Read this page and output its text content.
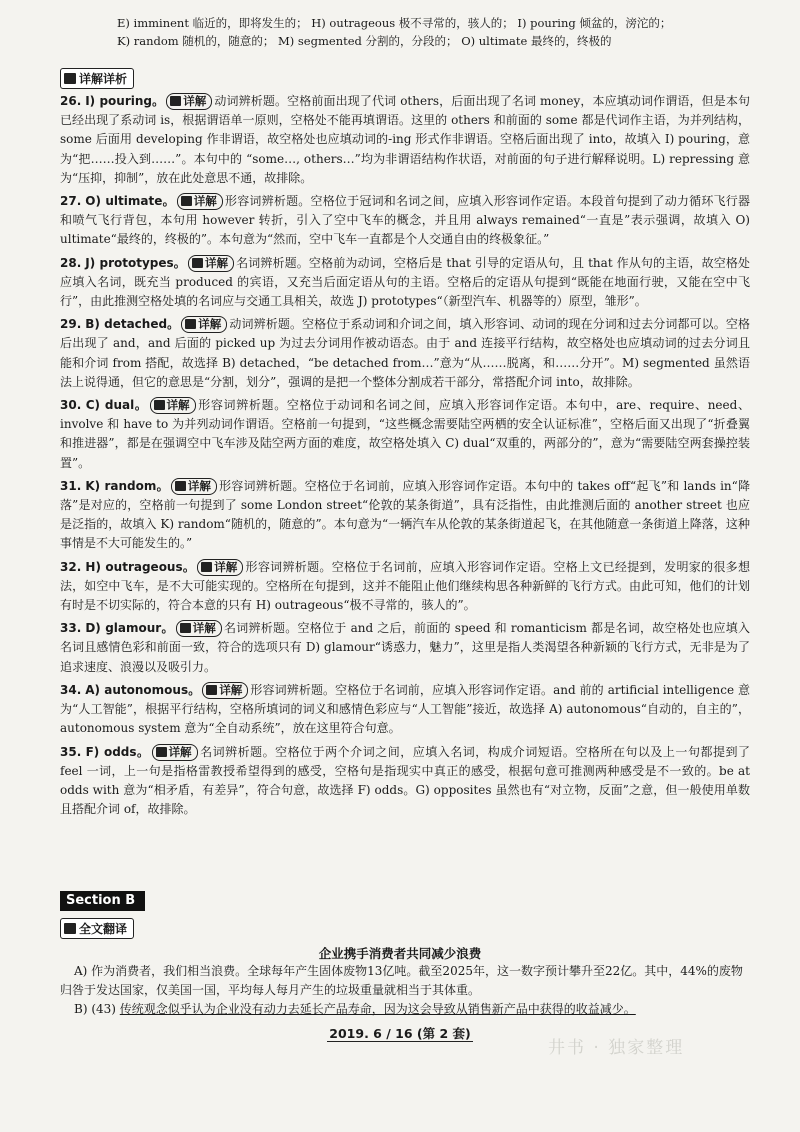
E) imminent 临近的，即将发生的； H) outrageous 极不寻常的，骇人的； I) pouring 倾盆的，滂沱的；
K) random 随机的，随意的； M) segmented 分割的，分段的； O) ultimate 最终的，终极的
详解详析
26. I) pouring。 详解 动词辨析题。空格前面出现了代词 others，后面出现了名词 money，本应填动词作谓语，但是本句已经出现了系动词 is，根据谓语单一原则，空格处不能再填谓语。这里的 others 和前面的 some 都是代词作主语，为并列结构，some 后面用 developing 作非谓语，故空格处也应填动词的-ing 形式作非谓语。空格后面出现了 into，故填入 I) pouring，意为“把……投入到……”。本句中的 “some…, others…”均为非谓语结构作状语，对前面的句子进行解释说明。L) repressing 意为“压抑，抑制”，放在此处意思不通，故排除。
27. O) ultimate。 详解 形容词辨析题。空格位于冠词和名词之间，应填入形容词作定语。本段首句提到了动力循环飞行器和喷气飞行背包，本句用 however 转折，引入了空中飞车的概念，并且用 always remained“一直是”表示强调，故填入 O) ultimate“最终的，终极的”。本句意为“然而，空中飞车一直都是个人交通自由的终极象征。”
28. J) prototypes。 详解 名词辨析题。空格前为动词，空格后是 that 引导的定语从句，且 that 作从句的主语，故空格处应填入名词，既充当 produced 的宾语，又充当后面定语从句的主语。空格后的定语从句提到“既能在地面行驶，又能在空中飞行”，由此推测空格处填的名词应与交通工具相关，故选 J) prototypes“（新型汽车、机器等的）原型，雏形”。
29. B) detached。 详解 动词辨析题。空格位于系动词和介词之间，填入形容词、动词的现在分词和过去分词都可以。空格后出现了 and，and 后面的 picked up 为过去分词用作被动语态。由于 and 连接平行结构，故空格处也应填动词的过去分词且能和介词 from 搭配，故选择 B) detached，“be detached from…”意为“从……脱离，和……分开”。M) segmented 虽然语法上说得通，但它的意思是“分割，划分”，强调的是把一个整体分割成若干部分，常搭配介词 into，故排除。
30. C) dual。 详解 形容词辨析题。空格位于动词和名词之间，应填入形容词作定语。本句中，are、require、need、involve 和 have to 为并列动词作谓语。空格前一句提到，“这些概念需要陆空两栖的安全认证标准”，空格后面又出现了“折叠翼和推进器”，都是在强调空中飞车涉及陆空两方面的难度，故空格处填入 C) dual“双重的，两部分的”，意为“需要陆空两套操控装置”。
31. K) random。 详解 形容词辨析题。空格位于名词前，应填入形容词作定语。本句中的 takes off“起飞”和 lands in“降落”是对应的，空格前一句提到了 some London street“伦敦的某条街道”，具有泛指性，由此推测后面的 another street 也应是泛指的，故填入 K) random“随机的，随意的”。本句意为“一辆汽车从伦敦的某条街道起飞，在其他随意一条街道上降落，这种事情是不大可能发生的。”
32. H) outrageous。 详解 形容词辨析题。空格位于名词前，应填入形容词作定语。空格上文已经提到，发明家的很多想法，如空中飞车，是不大可能实现的。空格所在句提到，这并不能阻止他们继续构思各种新鲜的飞行方式。由此可知，他们的计划有时是不切实际的，符合本意的只有 H) outrageous“极不寻常的，骇人的”。
33. D) glamour。 详解 名词辨析题。空格位于 and 之后，前面的 speed 和 romanticism 都是名词，故空格处也应填入名词且感情色彩和前面一致，符合的选项只有 D) glamour“诱惑力，魅力”，这里是指人类渴望各种新颖的飞行方式，无非是为了追求速度、浪漫以及吸引力。
34. A) autonomous。 详解 形容词辨析题。空格位于名词前，应填入形容词作定语。and 前的 artificial intelligence 意为“人工智能”，根据平行结构，空格所填词的词义和感情色彩应与“人工智能”接近，故选择 A) autonomous“自动的，自主的”，autonomous system 意为“全自动系统”，放在这里符合句意。
35. F) odds。 详解 名词辨析题。空格位于两个介词之间，应填入名词，构成介词短语。空格所在句以及上一句都提到了 feel 一词，上一句是指格雷教授希望得到的感受，空格句是指现实中真正的感受，根据句意可推测两种感受是不一致的。be at odds with 意为“相矛盾，有差异”，符合句意，故选择 F) odds。G) opposites 虽然也有“对立物，反面”之意，但一般使用单数且搭配介词 of，故排除。
Section B
全文翻译
企业携手消费者共同减少浪费

A) 作为消费者，我们相当浪费。全球每年产生固体废物13亿吨。截至2025年，这一数字预计攀升至22亿。其中，44%的废物归咎于发达国家，仅美国一国，平均每人每月产生的垃圾重量就相当于其体重。

B) (43) 传统观念似乎认为企业没有动力去延长产品寿命，因为这会导致从销售新产品中获得的收益减少。

2019. 6 / 16 (第 2 套)
井书 · 独家整理
